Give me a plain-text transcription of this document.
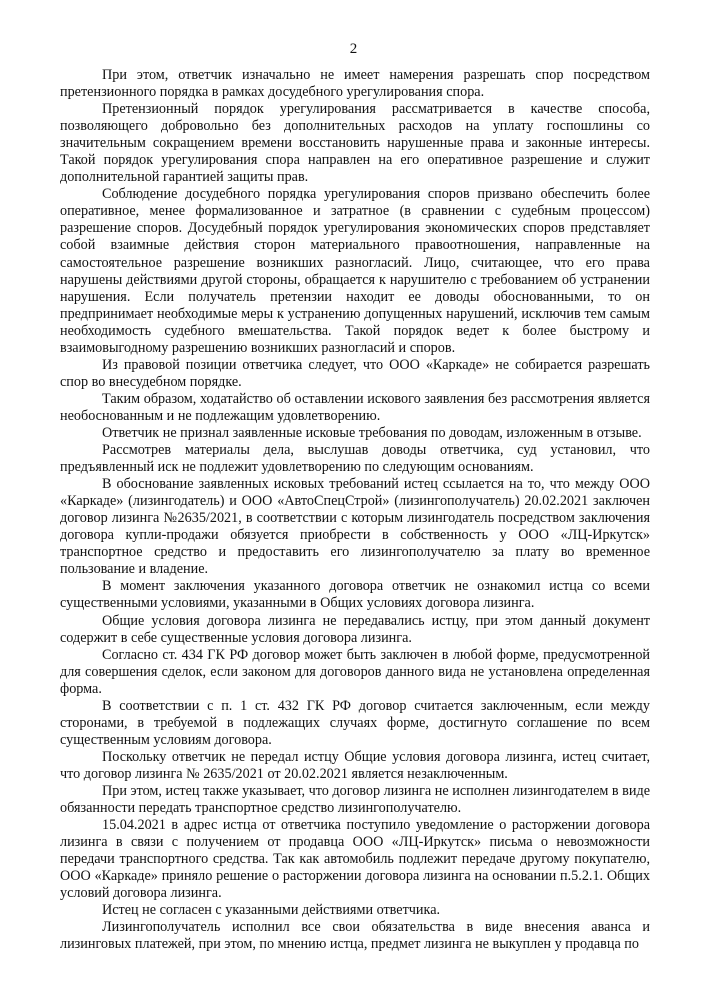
2

При этом, ответчик изначально не имеет намерения разрешать спор посредством претензионного порядка в рамках досудебного урегулирования спора.

Претензионный порядок урегулирования рассматривается в качестве способа, позволяющего добровольно без дополнительных расходов на уплату госпошлины со значительным сокращением времени восстановить нарушенные права и законные интересы. Такой порядок урегулирования спора направлен на его оперативное разрешение и служит дополнительной гарантией защиты прав.

Соблюдение досудебного порядка урегулирования споров призвано обеспечить более оперативное, менее формализованное и затратное (в сравнении с судебным процессом) разрешение споров. Досудебный порядок урегулирования экономических споров представляет собой взаимные действия сторон материального правоотношения, направленные на самостоятельное разрешение возникших разногласий. Лицо, считающее, что его права нарушены действиями другой стороны, обращается к нарушителю с требованием об устранении нарушения. Если получатель претензии находит ее доводы обоснованными, то он предпринимает необходимые меры к устранению допущенных нарушений, исключив тем самым необходимость судебного вмешательства. Такой порядок ведет к более быстрому и взаимовыгодному разрешению возникших разногласий и споров.

Из правовой позиции ответчика следует, что ООО «Каркаде» не собирается разрешать спор во внесудебном порядке.

Таким образом, ходатайство об оставлении искового заявления без рассмотрения является необоснованным и не подлежащим удовлетворению.

Ответчик не признал заявленные исковые требования по доводам, изложенным в отзыве.

Рассмотрев материалы дела, выслушав доводы ответчика, суд установил, что предъявленный иск не подлежит удовлетворению по следующим основаниям.

В обоснование заявленных исковых требований истец ссылается на то, что между ООО «Каркаде» (лизингодатель) и ООО «АвтоСпецСтрой» (лизингополучатель) 20.02.2021 заключен договор лизинга №2635/2021, в соответствии с которым лизингодатель посредством заключения договора купли-продажи обязуется приобрести в собственность у ООО «ЛЦ-Иркутск» транспортное средство и предоставить его лизингополучателю за плату во временное пользование и владение.

В момент заключения указанного договора ответчик не ознакомил истца со всеми существенными условиями, указанными в Общих условиях договора лизинга.

Общие условия договора лизинга не передавались истцу, при этом данный документ содержит в себе существенные условия договора лизинга.

Согласно ст. 434 ГК РФ договор может быть заключен в любой форме, предусмотренной для совершения сделок, если законом для договоров данного вида не установлена определенная форма.

В соответствии с п. 1 ст. 432 ГК РФ договор считается заключенным, если между сторонами, в требуемой в подлежащих случаях форме, достигнуто соглашение по всем существенным условиям договора.

Поскольку ответчик не передал истцу Общие условия договора лизинга, истец считает, что договор лизинга № 2635/2021 от 20.02.2021 является незаключенным.

При этом, истец также указывает, что договор лизинга не исполнен лизингодателем в виде обязанности передать транспортное средство лизингополучателю.

15.04.2021 в адрес истца от ответчика поступило уведомление о расторжении договора лизинга в связи с получением от продавца ООО «ЛЦ-Иркутск» письма о невозможности передачи транспортного средства. Так как автомобиль подлежит передаче другому покупателю, ООО «Каркаде» приняло решение о расторжении договора лизинга на основании п.5.2.1. Общих условий договора лизинга.

Истец не согласен с указанными действиями ответчика.

Лизингополучатель исполнил все свои обязательства в виде внесения аванса и лизинговых платежей, при этом, по мнению истца, предмет лизинга не выкуплен у продавца по
